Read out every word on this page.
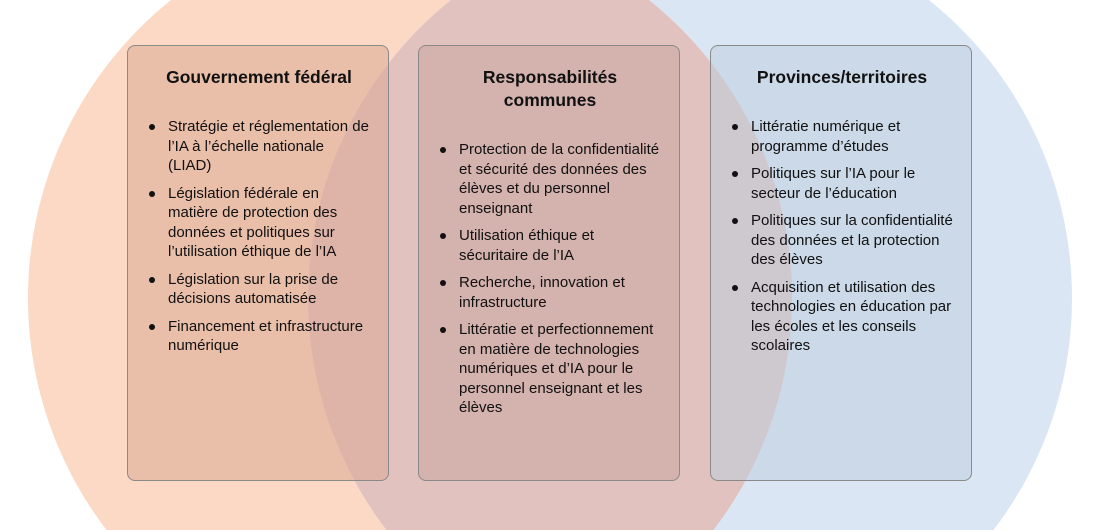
Gouvernement fédéral
Stratégie et réglementation de l’IA à l’échelle nationale (LIAD)
Législation fédérale en matière de protection des données et politiques sur l’utilisation éthique de l’IA
Législation sur la prise de décisions automatisée
Financement et infrastructure numérique
Responsabilités communes
Protection de la confidentialité et sécurité des données des élèves et du personnel enseignant
Utilisation éthique et sécuritaire de l’IA
Recherche, innovation et infrastructure
Littératie et perfectionnement en matière de technologies numériques et d’IA pour le personnel enseignant et les élèves
Provinces/territoires
Littératie numérique et programme d’études
Politiques sur l’IA pour le secteur de l’éducation
Politiques sur la confidentialité des données et la protection des élèves
Acquisition et utilisation des technologies en éducation par les écoles et les conseils scolaires
